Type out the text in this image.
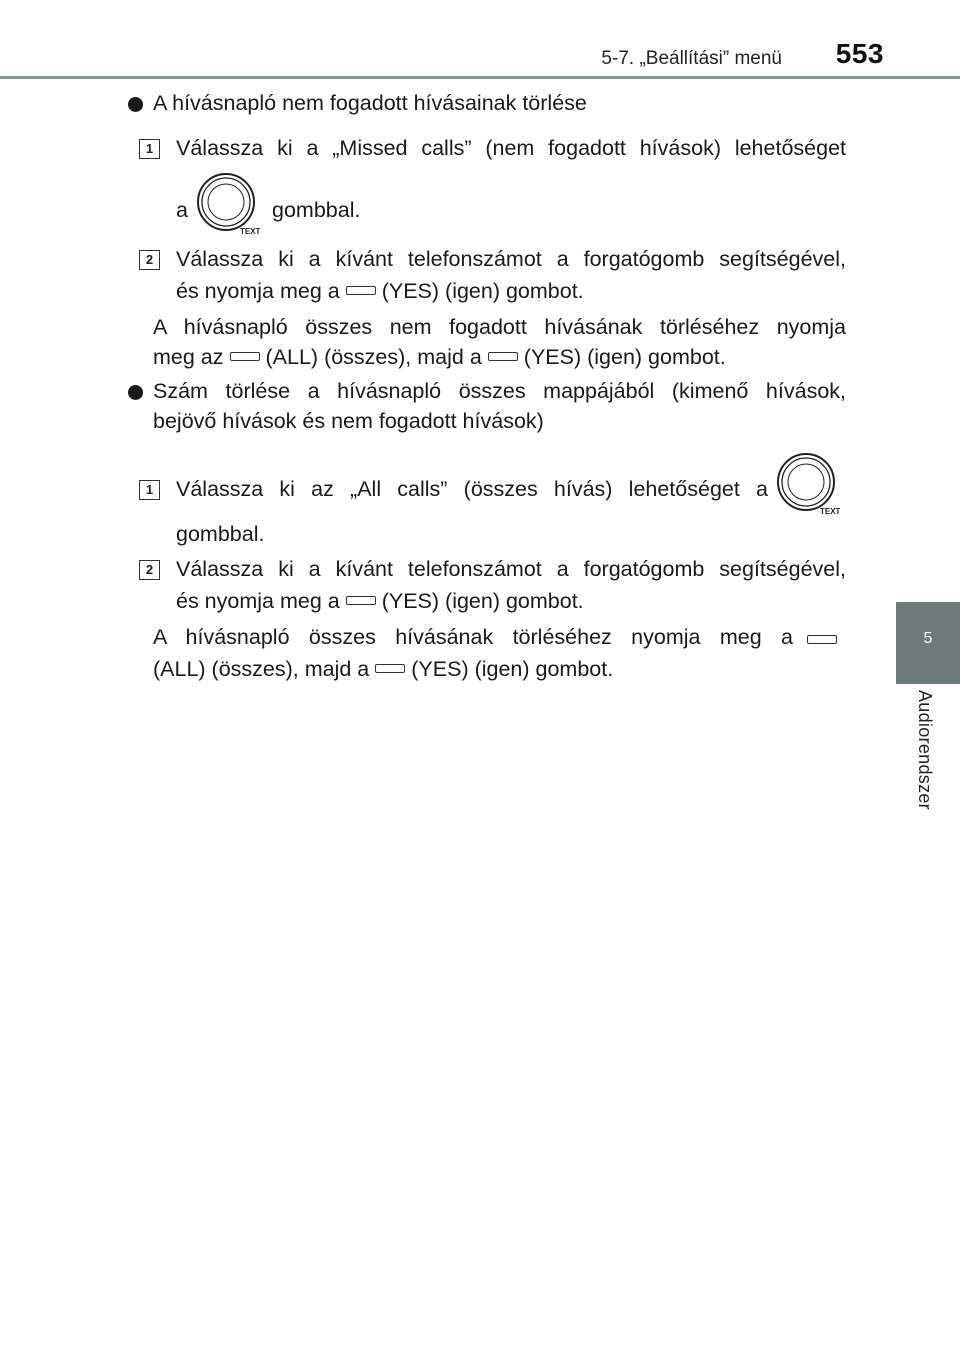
5-7. „Beállítási” menü 553
5
Audiorendszer
A hívásnapló nem fogadott hívásainak törlése
1	Válassza ki a „Missed calls” (nem fogadott hívások) lehetőséget
a
TEXT
gombbal.
2	Válassza ki a kívánt telefonszámot a forgatógomb segítségével,
és nyomja meg a (YES) (igen) gombot.
A hívásnapló összes nem fogadott hívásának törléséhez nyomja
meg az (ALL) (összes), majd a (YES) (igen) gombot.
Szám törlése a hívásnapló összes mappájából (kimenő hívások,
bejövő hívások és nem fogadott hívások)
1	Válassza ki az „All calls” (összes hívás) lehetőséget a
TEXT
gombbal.
2	Válassza ki a kívánt telefonszámot a forgatógomb segítségével,
és nyomja meg a (YES) (igen) gombot.
A hívásnapló összes hívásának törléséhez nyomja meg a
(ALL) (összes), majd a (YES) (igen) gombot.
